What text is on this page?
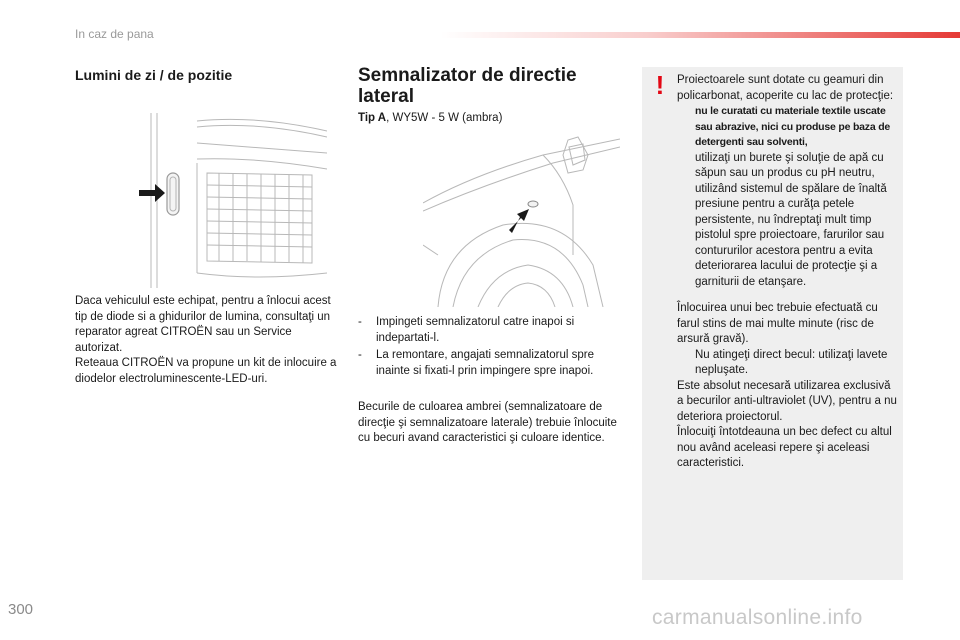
In caz de pana
Lumini de zi / de pozitie
Daca vehiculul este echipat, pentru a înlocui acest tip de diode si a ghidurilor de lumina, consultaţi un reparator agreat CITROËN sau un Service autorizat.
Reteaua CITROËN va propune un kit de inlocuire a diodelor electroluminescente-LED-uri.
Semnalizator de directie lateral
Tip A, WY5W - 5 W (ambra)
- Impingeti semnalizatorul catre inapoi si indepartati-l.
- La remontare, angajati semnalizatorul spre inainte si fixati-l prin impingere spre inapoi.
Becurile de culoarea ambrei (semnalizatoare de direcţie şi semnalizatoare laterale) trebuie înlocuite cu becuri avand caracteristici şi culoare identice.
!	Proiectoarele sunt dotate cu geamuri din policarbonat, acoperite cu lac de protecţie:
nu le curatati cu materiale textile uscate sau abrazive, nici cu produse pe baza de detergenti sau solventi,
utilizaţi un burete şi soluţie de apă cu săpun sau un produs cu pH neutru,
utilizând sistemul de spălare de înaltă presiune pentru a curăţa petele persistente, nu îndreptaţi mult timp pistolul spre proiectoare, farurilor sau contururilor acestora pentru a evita deteriorarea lacului de protecţie şi a garniturii de etanşare.
Înlocuirea unui bec trebuie efectuată cu farul stins de mai multe minute (risc de arsură gravă).
Nu atingeţi direct becul: utilizaţi lavete nepluşate.
Este absolut necesară utilizarea exclusivă a becurilor anti-ultraviolet (UV), pentru a nu deteriora proiectorul.
Înlocuiţi întotdeauna un bec defect cu altul nou având aceleasi repere şi aceleasi caracteristici.
300	carmanualsonline.info
